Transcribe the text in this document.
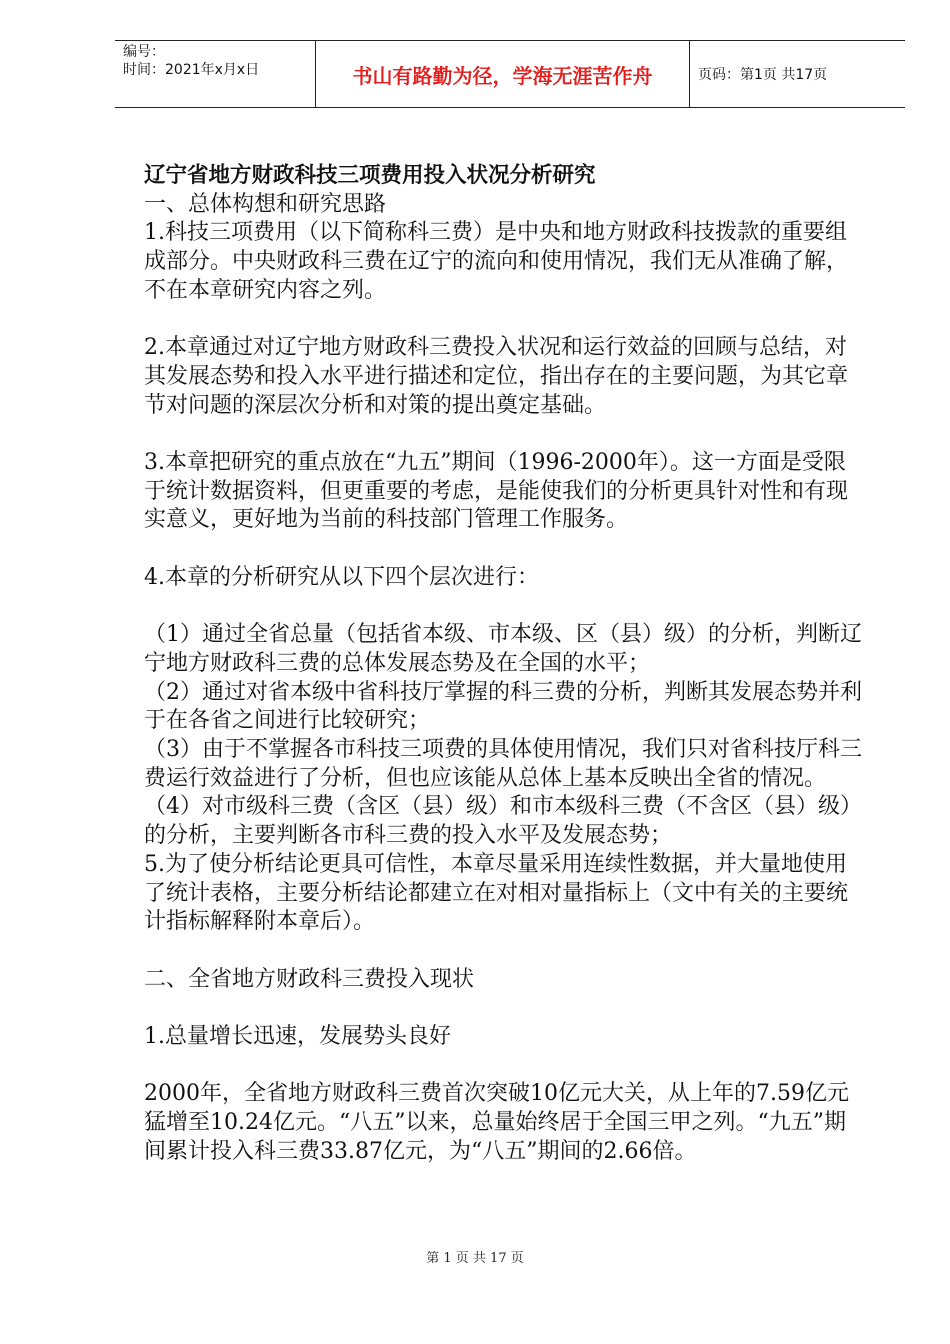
编号：
时间：2021年x月x日	书山有路勤为径，学海无涯苦作舟	页码：第1页 共17页

辽宁省地方财政科技三项费用投入状况分析研究

一、总体构想和研究思路

1.科技三项费用（以下简称科三费）是中央和地方财政科技拨款的重要组成部分。中央财政科三费在辽宁的流向和使用情况，我们无从准确了解，不在本章研究内容之列。

2.本章通过对辽宁地方财政科三费投入状况和运行效益的回顾与总结，对其发展态势和投入水平进行描述和定位，指出存在的主要问题，为其它章节对问题的深层次分析和对策的提出奠定基础。

3.本章把研究的重点放在“九五”期间（1996-2000年）。这一方面是受限于统计数据资料，但更重要的考虑，是能使我们的分析更具针对性和有现实意义，更好地为当前的科技部门管理工作服务。

4.本章的分析研究从以下四个层次进行：

（1）通过全省总量（包括省本级、市本级、区（县）级）的分析，判断辽宁地方财政科三费的总体发展态势及在全国的水平；

（2）通过对省本级中省科技厅掌握的科三费的分析，判断其发展态势并利于在各省之间进行比较研究；

（3）由于不掌握各市科技三项费的具体使用情况，我们只对省科技厅科三费运行效益进行了分析，但也应该能从总体上基本反映出全省的情况。

（4）对市级科三费（含区（县）级）和市本级科三费（不含区（县）级）的分析，主要判断各市科三费的投入水平及发展态势；

5.为了使分析结论更具可信性，本章尽量采用连续性数据，并大量地使用了统计表格，主要分析结论都建立在对相对量指标上（文中有关的主要统计指标解释附本章后）。

二、全省地方财政科三费投入现状

1.总量增长迅速，发展势头良好

2000年，全省地方财政科三费首次突破10亿元大关，从上年的7.59亿元猛增至10.24亿元。“八五”以来，总量始终居于全国三甲之列。“九五”期间累计投入科三费33.87亿元，为“八五”期间的2.66倍。

第 1 页 共 17 页
